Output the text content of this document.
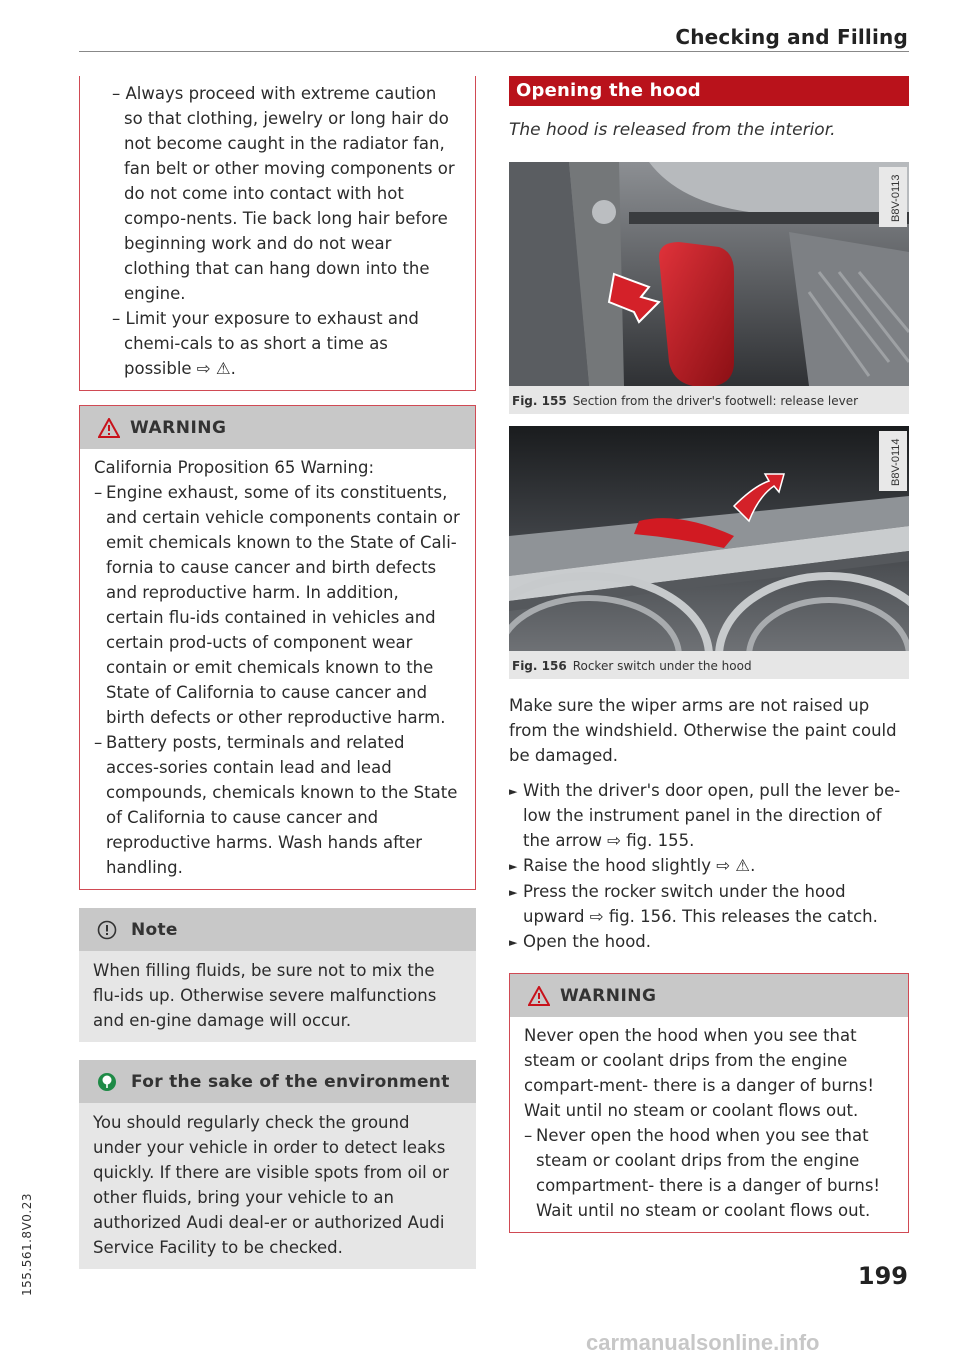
Checking and Filling
– Always proceed with extreme caution so that clothing, jewelry or long hair do not become caught in the radiator fan, fan belt or other moving components or do not come into contact with hot compo-nents. Tie back long hair before beginning work and do not wear clothing that can hang down into the engine.
– Limit your exposure to exhaust and chemi-cals to as short a time as possible ⇨ ⚠.
WARNING
California Proposition 65 Warning:
– Engine exhaust, some of its constituents, and certain vehicle components contain or emit chemicals known to the State of Cali-fornia to cause cancer and birth defects and reproductive harm. In addition, certain flu-ids contained in vehicles and certain prod-ucts of component wear contain or emit chemicals known to the State of California to cause cancer and birth defects or other reproductive harm.
– Battery posts, terminals and related acces-sories contain lead and lead compounds, chemicals known to the State of California to cause cancer and reproductive harms. Wash hands after handling.
Note
When filling fluids, be sure not to mix the flu-ids up. Otherwise severe malfunctions and en-gine damage will occur.
For the sake of the environment
You should regularly check the ground under your vehicle in order to detect leaks quickly. If there are visible spots from oil or other fluids, bring your vehicle to an authorized Audi deal-er or authorized Audi Service Facility to be checked.
Opening the hood
The hood is released from the interior.
B8V-0113
Fig. 155 Section from the driver's footwell: release lever
B8V-0114
Fig. 156 Rocker switch under the hood
Make sure the wiper arms are not raised up from the windshield. Otherwise the paint could be damaged.
► With the driver's door open, pull the lever be-low the instrument panel in the direction of the arrow ⇨ fig. 155.
► Raise the hood slightly ⇨ ⚠.
► Press the rocker switch under the hood upward ⇨ fig. 156. This releases the catch.
► Open the hood.
WARNING
Never open the hood when you see that steam or coolant drips from the engine compart-ment- there is a danger of burns! Wait until no steam or coolant flows out.
– Never open the hood when you see that steam or coolant drips from the engine compartment- there is a danger of burns! Wait until no steam or coolant flows out.
199
155.561.8V0.23
carmanualsonline.info
